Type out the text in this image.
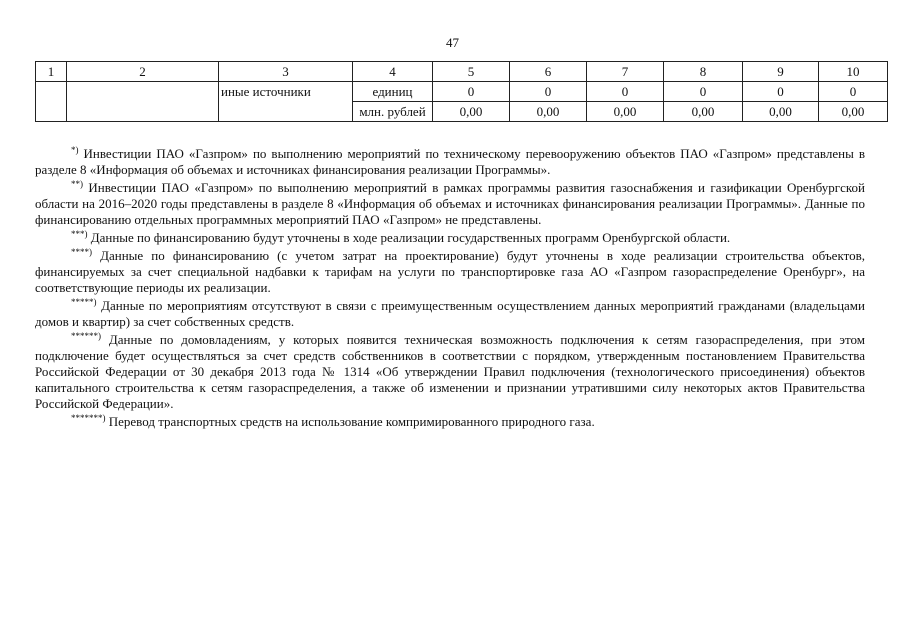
47
1	2	3	4	5	6	7	8	9	10
		иные источники	единиц	0	0	0	0	0	0
			млн. рублей	0,00	0,00	0,00	0,00	0,00	0,00

*) Инвестиции ПАО «Газпром» по выполнению мероприятий по техническому перевооружению объектов ПАО «Газпром» представлены в разделе 8 «Информация об объемах и источниках финансирования реализации Программы».

**) Инвестиции ПАО «Газпром» по выполнению мероприятий в рамках программы развития газоснабжения и газификации Оренбургской области на 2016–2020 годы представлены в разделе 8 «Информация об объемах и источниках финансирования реализации Программы». Данные по финансированию отдельных программных мероприятий ПАО «Газпром» не представлены.

***) Данные по финансированию будут уточнены в ходе реализации государственных программ Оренбургской области.

****) Данные по финансированию (с учетом затрат на проектирование) будут уточнены в ходе реализации строительства объектов, финансируемых за счет специальной надбавки к тарифам на услуги по транспортировке газа АО «Газпром газораспределение Оренбург», на соответствующие периоды их реализации.

*****) Данные по мероприятиям отсутствуют в связи с преимущественным осуществлением данных мероприятий гражданами (владельцами домов и квартир) за счет собственных средств.

******) Данные по домовладениям, у которых появится техническая возможность подключения к сетям газораспределения, при этом подключение будет осуществляться за счет средств собственников в соответствии с порядком, утвержденным постановлением Правительства Российской Федерации от 30 декабря 2013 года № 1314 «Об утверждении Правил подключения (технологического присоединения) объектов капитального строительства к сетям газораспределения, а также об изменении и признании утратившими силу некоторых актов Правительства Российской Федерации».

*******) Перевод транспортных средств на использование компримированного природного газа.
